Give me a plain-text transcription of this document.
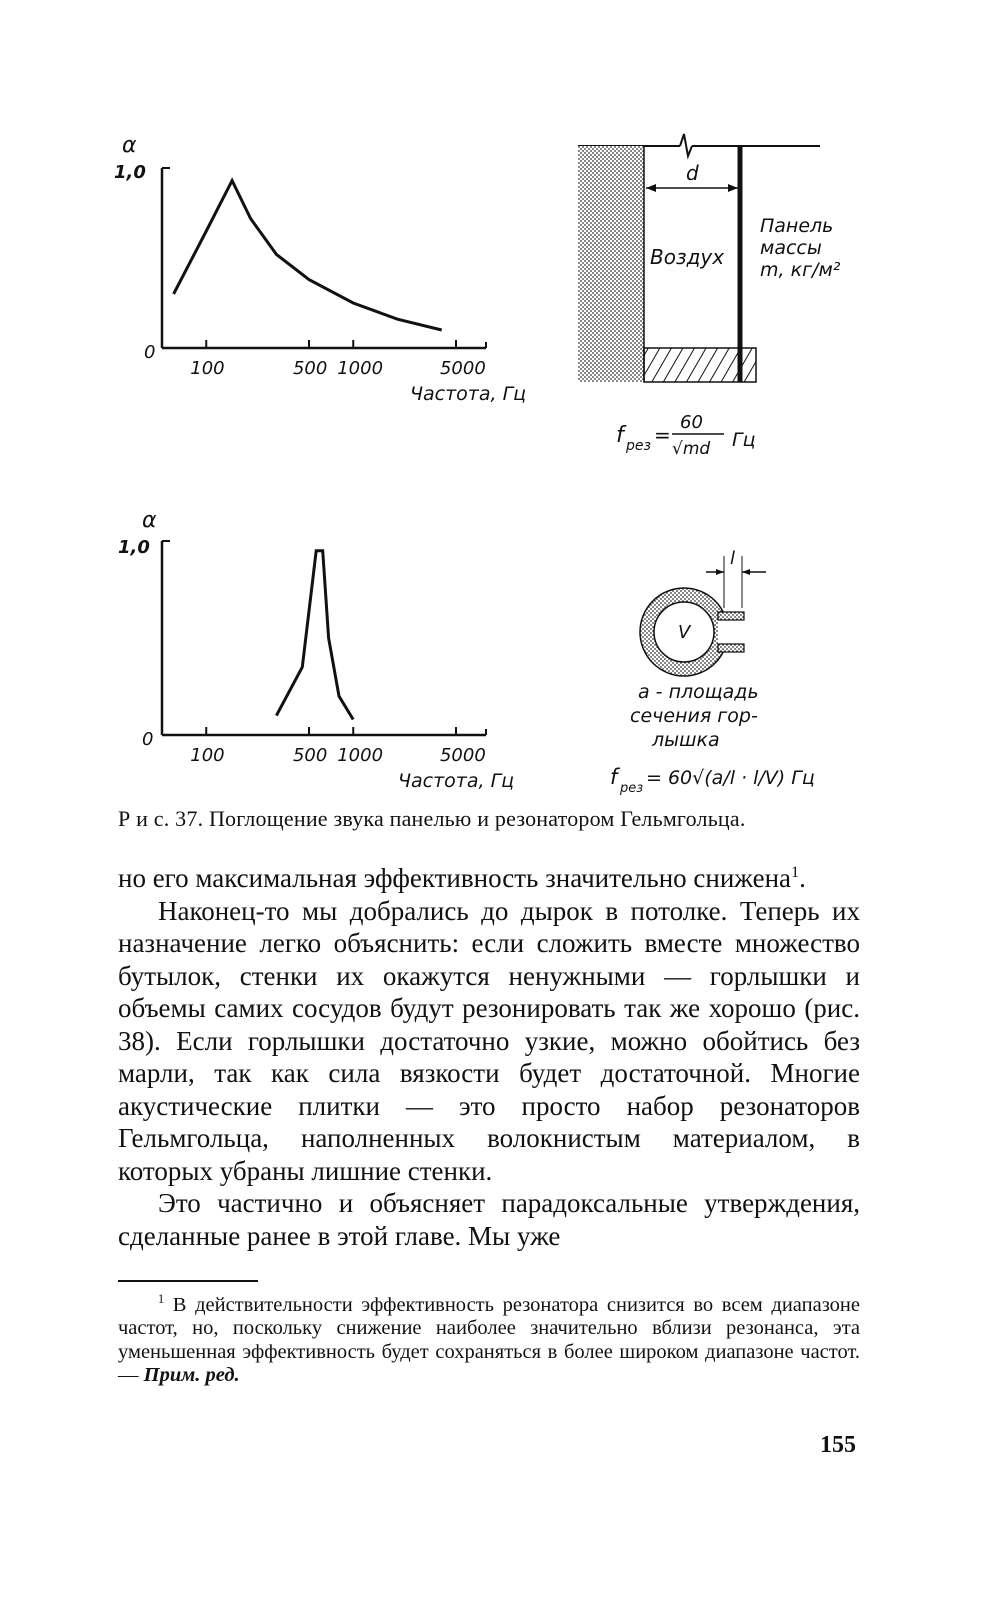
α
1,0
0
100	500 1000	5000
Частота, Гц
d
Воздух
Панель
массы
m, кг/м²
f рез =
60
√md Гц
α
1,0
0
100	500 1000	5000
Частота, Гц
l
V
a - площадь
сечения гор-
лышка
f рез = 60√(a/l · l/V) Гц
Р и с. 37. Поглощение звука панелью и резонатором Гельмгольца.

но его максимальная эффективность значительно снижена$^1$.

Наконец-то мы добрались до дырок в потолке. Теперь их назначение легко объяснить: если сложить вместе множество бутылок, стенки их окажутся ненужными — горлышки и объемы самих сосудов будут резонировать так же хорошо (рис. 38). Если горлышки достаточно узкие, можно обойтись без марли, так как сила вязкости будет достаточной. Многие акустические плитки — это просто набор резонаторов Гельмгольца, наполненных волокнистым материалом, в которых убраны лишние стенки.

Это частично и объясняет парадоксальные утверждения, сделанные ранее в этой главе. Мы уже

$^1$ В действительности эффективность резонатора снизится во всем диапазоне частот, но, поскольку снижение наиболее значительно вблизи резонанса, эта уменьшенная эффективность будет сохраняться в более широком диапазоне частот. — Прим. ред.

155
